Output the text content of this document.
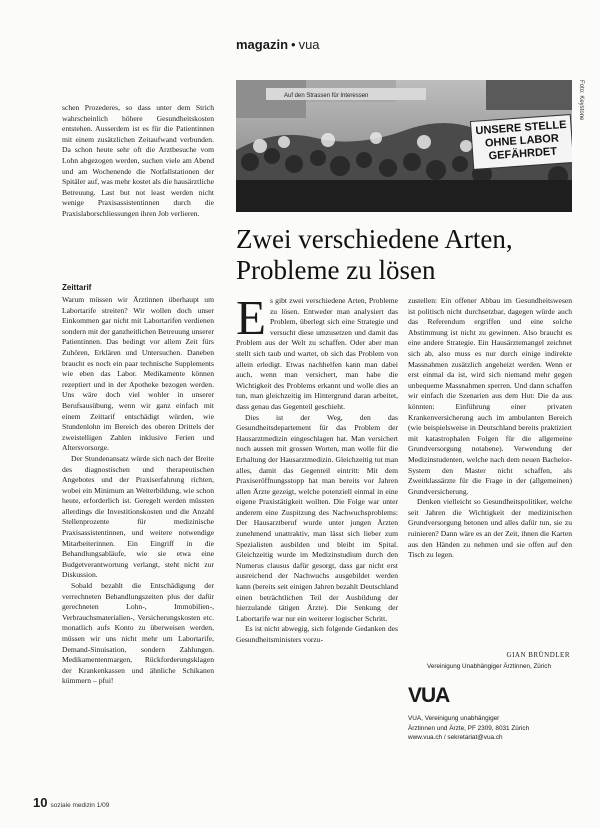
magazin • vua
Auf den Strassen für Interessen
UNSERE STELLE
OHNE LABOR
GEFÄHRDET
Foto: Keystone

schen Prozederes, so dass unter dem Strich wahrscheinlich höhere Gesundheitskosten entstehen. Ausserdem ist es für die Patientinnen mit einem zusätzlichen Zeitaufwand verbunden. Da schon heute sehr oft die Arztbesuche vom Lohn abgezogen werden, suchen viele am Abend und am Wochenende die Notfallstationen der Spitäler auf, was mehr kostet als die hausärztliche Betreuung. Last but not least werden nicht wenige Praxisassistentinnen durch die Praxislaborschliessungen ihren Job verlieren.

Zeittarif

Warum müssen wir Ärztinnen überhaupt um Labortarife streiten? Wir wollen doch unser Einkommen gar nicht mit Labortarifen verdienen sondern mit der ganzheitlichen Betreuung unserer Patientinnen. Das bedingt vor allem Zeit fürs Zuhören, Erklären und Untersuchen. Daneben braucht es noch ein paar technische Supplements wie eben das Labor. Medikamente können rezeptiert und in der Apotheke bezogen werden. Uns wäre doch viel wohler in unserer Berufsausübung, wenn wir ganz einfach mit einem Zeittarif entschädigt würden, wie Stundenlohn im Bereich des oberen Drittels der zweistelligen Zahlen inklusive Ferien und Altersvorsorge.

Der Stundenansatz würde sich nach der Breite des diagnostischen und therapeutischen Angebotes und der Praxiserfahrung richten, wobei ein Minimum an Weiterbildung, wie schon heute, erforderlich ist. Geregelt werden müssten allerdings die Investitionskosten und die Anzahl Stellenprozente für medizinische Praxisassistentinnen, und weitere notwendige Mitarbeiterinnen. Ein Eingriff in die Behandlungsabläufe, wie sie etwa eine Budgetverantwortung verlangt, steht nicht zur Diskussion.

Sobald bezahlt die Entschädigung der verrechneten Behandlungszeiten plus der dafür gerechneten Lohn-, Immobilien-, Verbrauchsmaterialien-, Versicherungskosten etc. monatlich aufs Konto zu überweisen werden, müssen wir uns nicht mehr um Labortarife, Demand-Sinuisation, sondern Zahlungen. Medikamentenmargen, Rückforderungsklagen der Krankenkassen und ähnliche Schikanen kümmern – pfui!

Zwei verschiedene Arten,
Probleme zu lösen

Es gibt zwei verschiedene Arten, Probleme zu lösen. Entweder man analysiert das Problem, überlegt sich eine Strategie und versucht diese umzusetzen und damit das Problem aus der Welt zu schaffen. Oder aber man stellt sich taub und wartet, ob sich das Problem von allein erledigt. Etwas nachhelfen kann man dabei auch, wenn man versichert, man habe die Wichtigkeit des Problems erkannt und wolle dies an tun, man gleichzeitig im Hintergrund daran arbeitet, dass genau das Gegenteil geschieht.

Dies ist der Weg, den das Gesundheitsdepartement für das Problem der Hausarztmedizin eingeschlagen hat. Man versichert noch aussen mit grossen Worten, man wolle für die Erhaltung der Hausarztmedizin. Gleichzeitig tut man alles, damit das Gegenteil eintritt: Mit dem Praxiseröffnungsstopp hat man bereits vor Jahren allen Ärzte gezeigt, welche potenziell einmal in eine eigene Praxistätigkeit wollten. Die Folge war unter anderem eine Zuspitzung des Nachwuchsproblems: Der Hausarztberuf wurde unter jungen Ärzten zunehmend unattraktiv, man lässt sich lieber zum Spezialisten ausbilden und bleibt im Spital. Gleichzeitig wurde im Medizinstudium durch den Numerus clausus dafür gesorgt, dass gar nicht erst ausreichend der Nachwuchs ausgebildet werden kann (bereits seit einigen Jahren bezahlt Deutschland einen beträchtlichen Teil der Ausbildung der hierzulande tätigen Ärzte). Die Senkung der Labortarife war nur ein weiterer logischer Schritt.

Es ist nicht abwegig, sich folgende Gedanken des Gesundheitsministers vorzu-

zustellen: Ein offener Abbau im Gesundheitswesen ist politisch nicht durchsetzbar, dagegen würde auch das Referendum ergriffen und eine solche Abstimmung ist nicht zu gewinnen. Also braucht es eine andere Strategie. Ein Hausärztemangel zeichnet sich ab, also muss es nur durch einige indirekte Massnahmen zusätzlich angeheizt werden. Wenn er erst einmal da ist, wird sich niemand mehr gegen unbequeme Massnahmen sperren. Und dann schaffen wir einfach die Szenarien aus dem Hut: Die da aus könnten: Einführung einer privaten Krankenversicherung auch im ambulanten Bereich (wie beispielsweise in Deutschland bereits praktiziert mit katastrophalen Folgen für die allgemeine Grundversorgung notabene). Verwendung der Medizinstudenten, welche nach dem neuen Bachelor-System den Master nicht schaffen, als Zweitklassärzte für die Frage in der (allgemeinen) Grundversicherung.

Denken vielleicht so Gesundheitspolitiker, welche seit Jahren die Wichtigkeit der medizinischen Grundversorgung betonen und alles dafür tun, sie zu ruinieren? Dann wäre es an der Zeit, ihnen die Karten aus den Händen zu nehmen und sie offen auf den Tisch zu legen.

GIAN BRÜNDLER
Vereinigung Unabhängiger Ärztinnen, Zürich
VUA
VUA, Vereinigung unabhängiger
Ärztinnen und Ärzte, PF 2309, 8031 Zürich
www.vua.ch / sekretariat@vua.ch
10 soziale medizin 1/09
